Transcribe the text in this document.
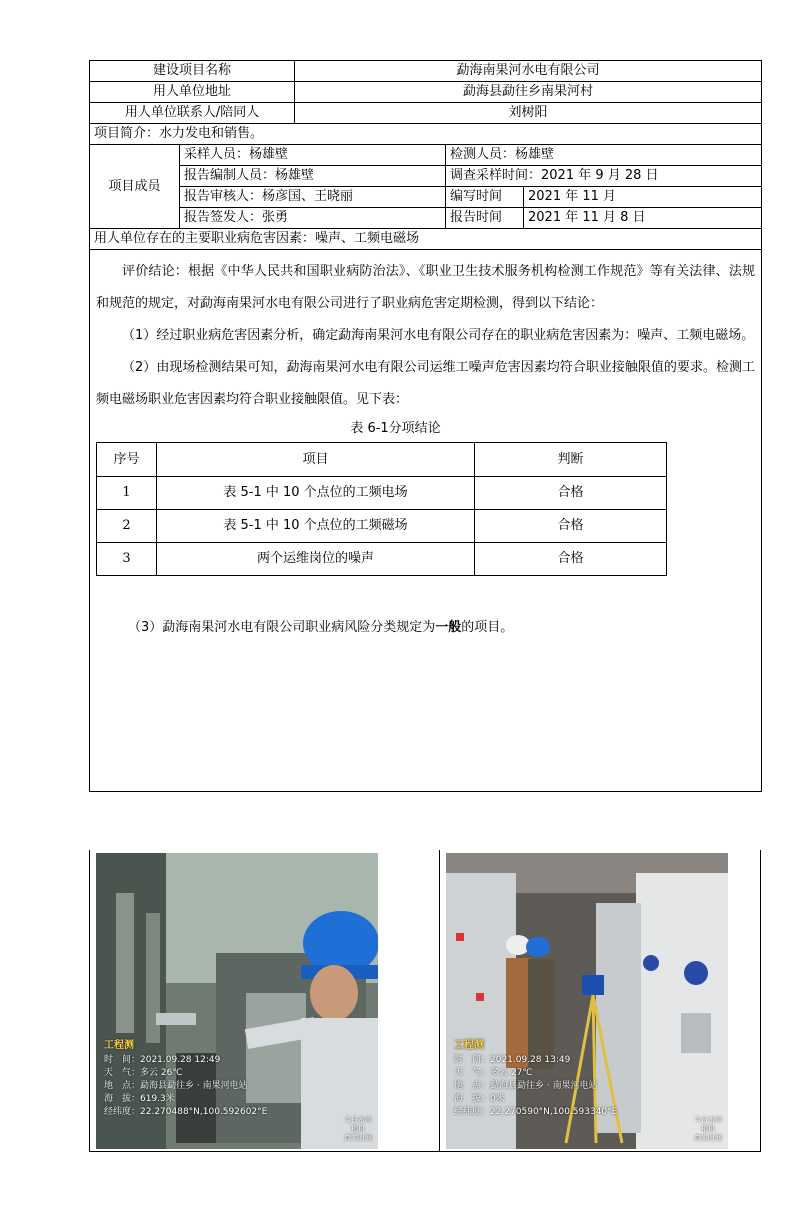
建设项目名称	勐海南果河水电有限公司
用人单位地址	勐海县勐往乡南果河村
用人单位联系人/陪同人	刘树阳
项目简介：水力发电和销售。
项目成员	采样人员：杨雄壁	检测人员：杨雄壁
报告编制人员：杨雄壁	调查采样时间：2021 年 9 月 28 日
报告审核人：杨彦国、王晓丽	编写时间	2021 年 11 月
报告签发人：张勇	报告时间	2021 年 11 月 8 日
用人单位存在的主要职业病危害因素：噪声、工频电磁场

评价结论：根据《中华人民共和国职业病防治法》、《职业卫生技术服务机构检测工作规范》等有关法律、法规和规范的规定，对勐海南果河水电有限公司进行了职业病危害定期检测，得到以下结论：

（1）经过职业病危害因素分析，确定勐海南果河水电有限公司存在的职业病危害因素为：噪声、工频电磁场。

（2）由现场检测结果可知，勐海南果河水电有限公司运维工噪声危害因素均符合职业接触限值的要求。检测工频电磁场职业危害因素均符合职业接触限值。见下表：

表 6-1分项结论
序号	项目	判断
1	表 5-1 中 10 个点位的工频电场	合格
2	表 5-1 中 10 个点位的工频磁场	合格
3	两个运维岗位的噪声	合格

（3）勐海南果河水电有限公司职业病风险分类规定为一般的项目。

工程测
时　间：2021.09.28 12:49
天　气：多云 26℃
地　点：勐海县勐往乡 · 南果河电站
海　拔：619.3米
经纬度：22.270488°N,100.592602°E
今日水印
相机
真实时间
工程测
时　间：2021.09.28 13:49
天　气：多云 27℃
地　点：勐海县勐往乡 · 南果河电站
海　拔：0米
经纬度：22.270590°N,100.593340°E
今日水印
相机
真实时间
